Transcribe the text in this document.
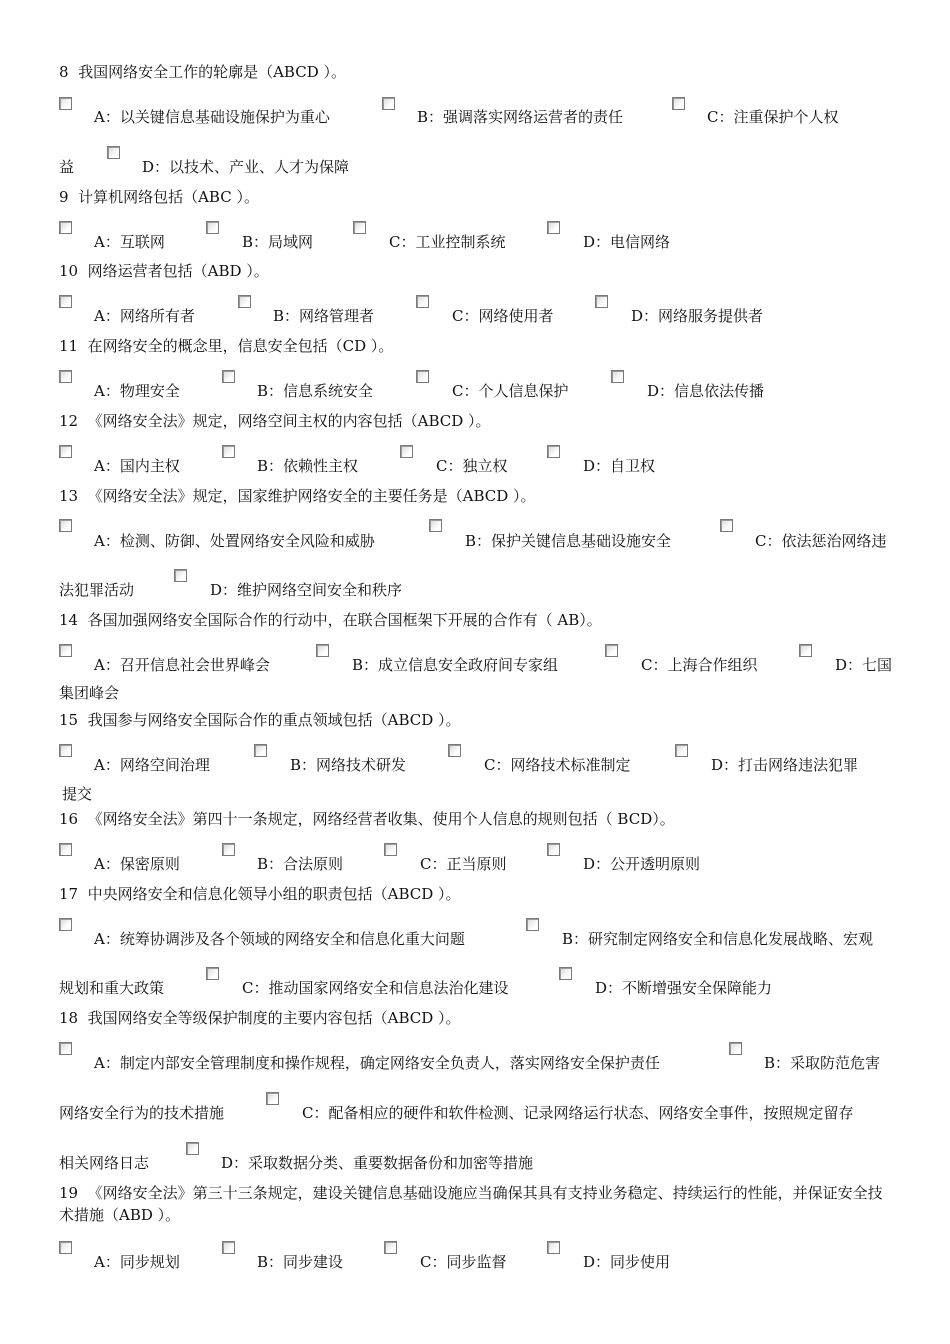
8 我国网络安全工作的轮廓是（ABCD ）。
A：以关键信息基础设施保护为重心	B：强调落实网络运营者的责任	C：注重保护个人权
益	D：以技术、产业、人才为保障
9 计算机网络包括（ABC ）。
A：互联网	B：局域网	C：工业控制系统	D：电信网络
10 网络运营者包括（ABD ）。
A：网络所有者	B：网络管理者	C：网络使用者	D：网络服务提供者
11 在网络安全的概念里，信息安全包括（CD ）。
A：物理安全	B：信息系统安全	C：个人信息保护	D：信息依法传播
12 《网络安全法》规定，网络空间主权的内容包括（ABCD ）。
A：国内主权	B：依赖性主权	C：独立权	D：自卫权
13 《网络安全法》规定，国家维护网络安全的主要任务是（ABCD ）。
A：检测、防御、处置网络安全风险和威胁	B：保护关键信息基础设施安全	C：依法惩治网络违
法犯罪活动	D：维护网络空间安全和秩序
14 各国加强网络安全国际合作的行动中，在联合国框架下开展的合作有（ AB）。
A：召开信息社会世界峰会	B：成立信息安全政府间专家组	C：上海合作组织	D：七国
集团峰会
15 我国参与网络安全国际合作的重点领域包括（ABCD ）。
A：网络空间治理	B：网络技术研发	C：网络技术标准制定	D：打击网络违法犯罪
提交
16 《网络安全法》第四十一条规定，网络经营者收集、使用个人信息的规则包括（ BCD）。
A：保密原则	B：合法原则	C：正当原则	D：公开透明原则
17 中央网络安全和信息化领导小组的职责包括（ABCD ）。
A：统筹协调涉及各个领域的网络安全和信息化重大问题	B：研究制定网络安全和信息化发展战略、宏观
规划和重大政策	C：推动国家网络安全和信息法治化建设	D：不断增强安全保障能力
18 我国网络安全等级保护制度的主要内容包括（ABCD ）。
A：制定内部安全管理制度和操作规程，确定网络安全负责人，落实网络安全保护责任	B：采取防范危害
网络安全行为的技术措施	C：配备相应的硬件和软件检测、记录网络运行状态、网络安全事件，按照规定留存
相关网络日志	D：采取数据分类、重要数据备份和加密等措施
19 《网络安全法》第三十三条规定，建设关键信息基础设施应当确保其具有支持业务稳定、持续运行的性能，并保证安全技术措施（ABD ）。
A：同步规划	B：同步建设	C：同步监督	D：同步使用
